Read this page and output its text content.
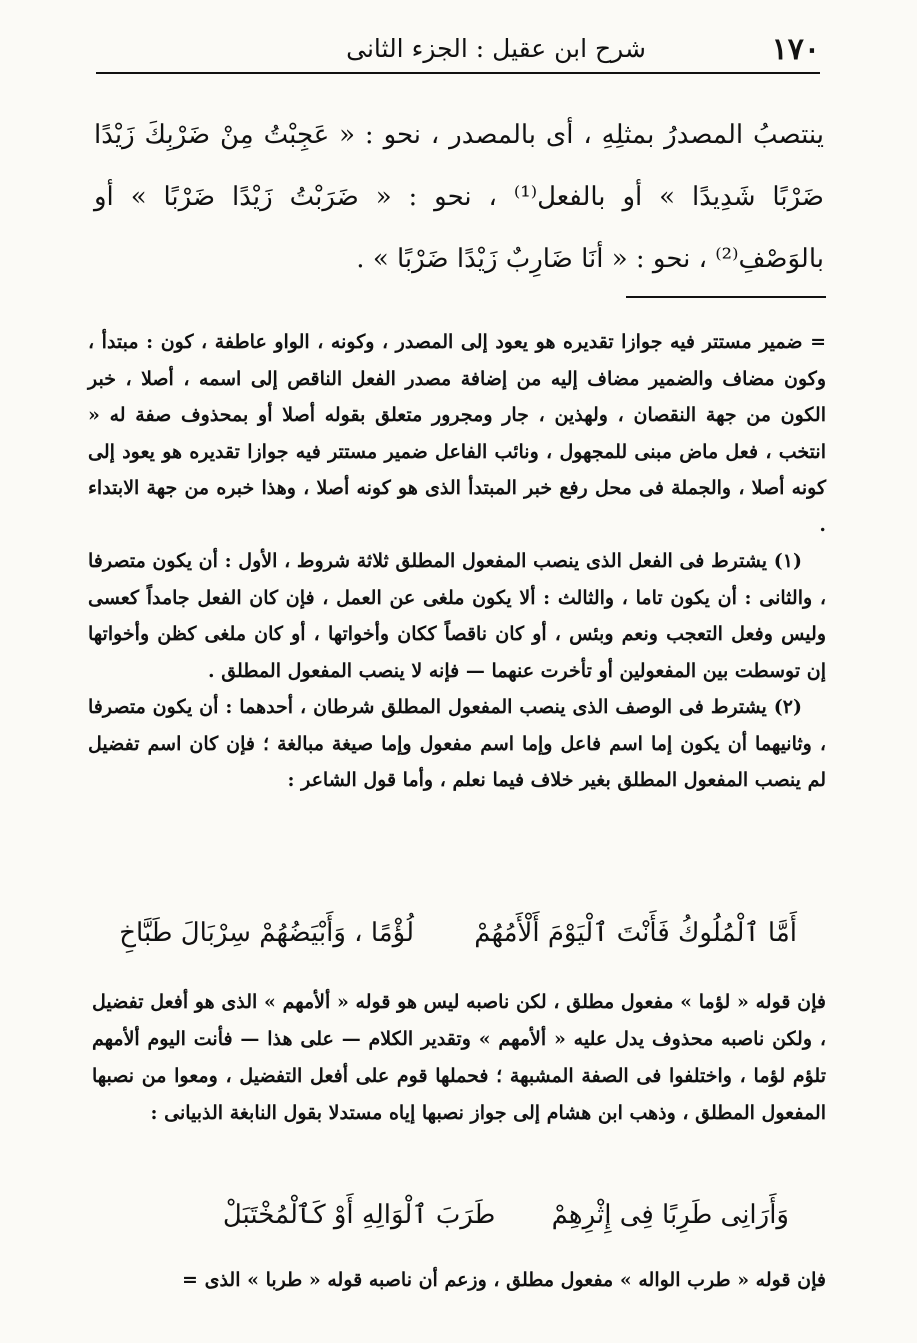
١٧٠
شرح ابن عقيل : الجزء الثانى

ينتصبُ المصدرُ بمثلِهِ ، أى بالمصدر ، نحو : « عَجِبْتُ مِنْ ضَرْبِكَ زَيْدًا ضَرْبًا شَدِيدًا » أو بالفعل⁽¹⁾ ، نحو : « ضَرَبْتُ زَيْدًا ضَرْبًا » أو بالوَصْفِ⁽²⁾ ، نحو : « أنَا ضَارِبٌ زَيْدًا ضَرْبًا » .

= ضمير مستتر فيه جوازا تقديره هو يعود إلى المصدر ، وكونه ، الواو عاطفة ، كون : مبتدأ ، وكون مضاف والضمير مضاف إليه من إضافة مصدر الفعل الناقص إلى اسمه ، أصلا ، خبر الكون من جهة النقصان ، ولهذين ، جار ومجرور متعلق بقوله أصلا أو بمحذوف صفة له « انتخب ، فعل ماض مبنى للمجهول ، ونائب الفاعل ضمير مستتر فيه جوازا تقديره هو يعود إلى كونه أصلا ، والجملة فى محل رفع خبر المبتدأ الذى هو كونه أصلا ، وهذا خبره من جهة الابتداء .

(١) يشترط فى الفعل الذى ينصب المفعول المطلق ثلاثة شروط ، الأول : أن يكون متصرفا ، والثانى : أن يكون تاما ، والثالث : ألا يكون ملغى عن العمل ، فإن كان الفعل جامداً كعسى وليس وفعل التعجب ونعم وبئس ، أو كان ناقصاً ككان وأخواتها ، أو كان ملغى كظن وأخواتها إن توسطت بين المفعولين أو تأخرت عنهما — فإنه لا ينصب المفعول المطلق .

(٢) يشترط فى الوصف الذى ينصب المفعول المطلق شرطان ، أحدهما : أن يكون متصرفا ، وثانيهما أن يكون إما اسم فاعل وإما اسم مفعول وإما صيغة مبالغة ؛ فإن كان اسم تفضيل لم ينصب المفعول المطلق بغير خلاف فيما نعلم ، وأما قول الشاعر :

أَمَّا ٱلْمُلُوكُ فَأَنْتَ ٱلْيَوْمَ أَلْأَمُهُمْ لُؤْمًا ، وَأَبْيَضُهُمْ سِرْبَالَ طَبَّاخِ

فإن قوله « لؤما » مفعول مطلق ، لكن ناصبه ليس هو قوله « ألأمهم » الذى هو أفعل تفضيل ، ولكن ناصبه محذوف يدل عليه « ألأمهم » وتقدير الكلام — على هذا — فأنت اليوم ألأمهم تلؤم لؤما ، واختلفوا فى الصفة المشبهة ؛ فحملها قوم على أفعل التفضيل ، ومعوا من نصبها المفعول المطلق ، وذهب ابن هشام إلى جواز نصبها إياه مستدلا بقول النابغة الذبيانى :

وَأَرَانِى طَرِبًا فِى إِثْرِهِمْ طَرَبَ ٱلْوَالِهِ أَوْ كَٱلْمُخْتَبَلْ

فإن قوله « طرب الواله » مفعول مطلق ، وزعم أن ناصبه قوله « طربا » الذى =
